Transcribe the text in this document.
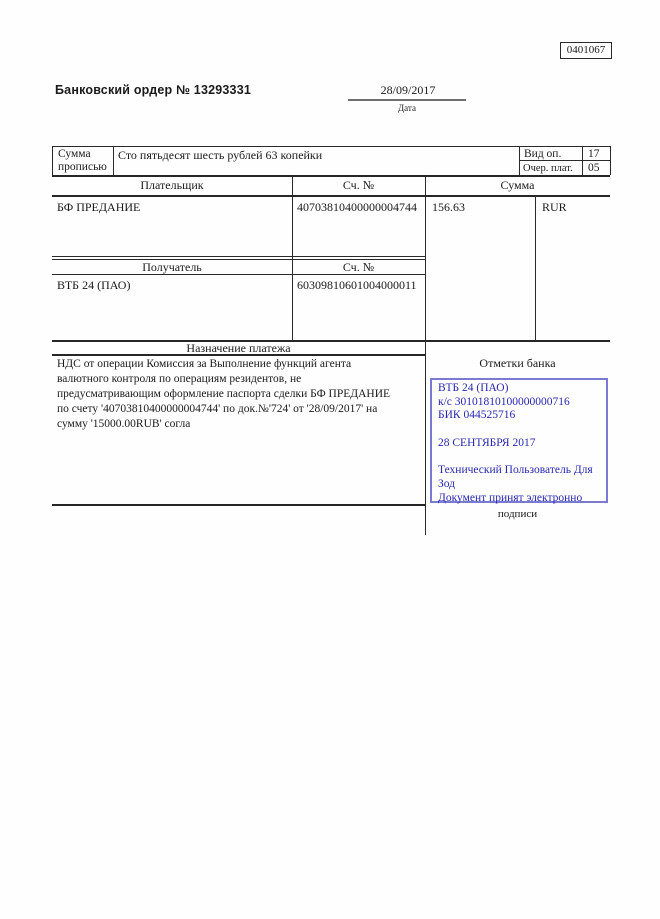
0401067
Банковский ордер № 13293331	28/09/2017
Дата
Сумма
прописью
Сто пятьдесят шесть рублей 63 копейки	Вид оп. 17
Очер. плат. 05
Плательщик	Сч. №	Сумма
БФ ПРЕДАНИЕ	40703810400000004744 156.63	RUR
Получатель	Сч. №
ВТБ 24 (ПАО)	60309810601004000011
Назначение платежа
НДС от операции Комиссия за Выполнение функций агента
валютного контроля по операциям резидентов, не
предусматривающим оформление паспорта сделки БФ ПРЕДАНИЕ
по счету '40703810400000004744' по док.№'724' от '28/09/2017' на
сумму '15000.00RUB' согла
Отметки банка
ВТБ 24 (ПАО)
к/с 30101810100000000716
БИК 044525716
28 СЕНТЯБРЯ 2017
Технический Пользователь Для
Зод
Документ принят электронно
подписи
